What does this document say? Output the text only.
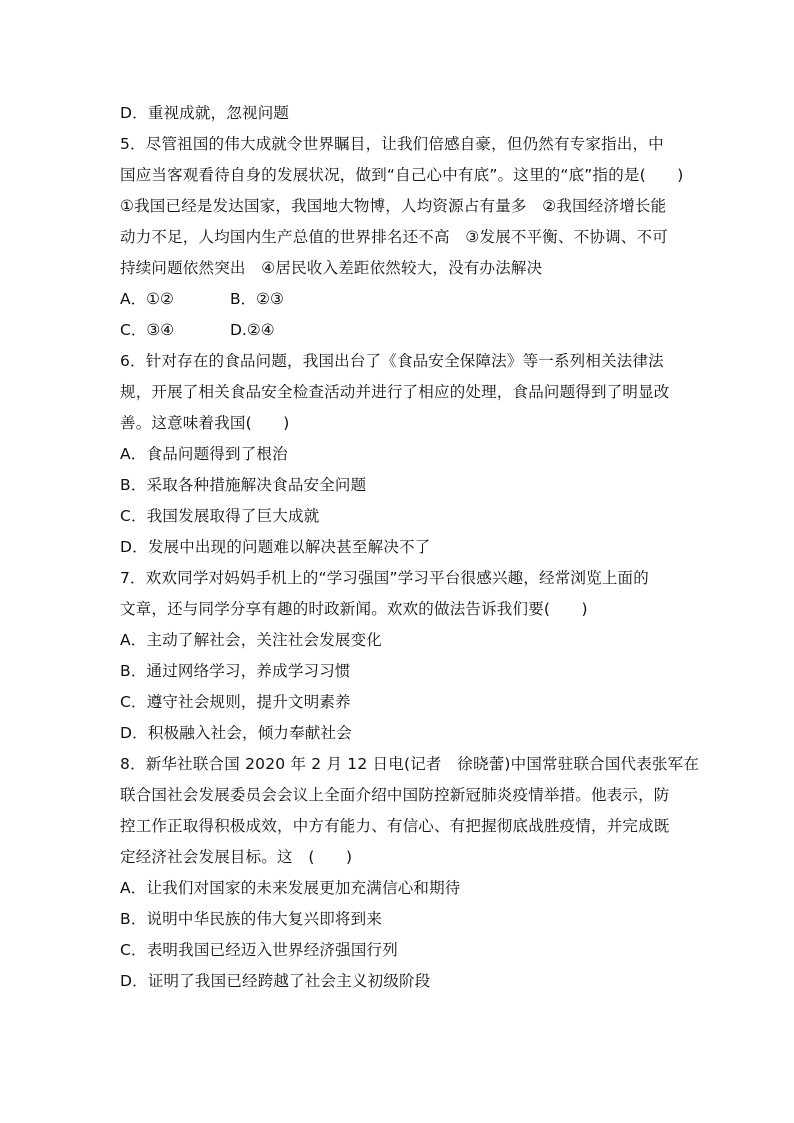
D．重视成就，忽视问题
5．尽管祖国的伟大成就令世界瞩目，让我们倍感自豪，但仍然有专家指出，中
国应当客观看待自身的发展状况，做到“自己心中有底”。这里的“底”指的是(　　)
①我国已经是发达国家，我国地大物博，人均资源占有量多　②我国经济增长能
动力不足，人均国内生产总值的世界排名还不高　③发展不平衡、不协调、不可
持续问题依然突出　④居民收入差距依然较大，没有办法解决
A．①②	B．②③
C．③④	D.②④
6．针对存在的食品问题，我国出台了《食品安全保障法》等一系列相关法律法
规，开展了相关食品安全检查活动并进行了相应的处理，食品问题得到了明显改
善。这意味着我国(　　)
A．食品问题得到了根治
B．采取各种措施解决食品安全问题
C．我国发展取得了巨大成就
D．发展中出现的问题难以解决甚至解决不了
7．欢欢同学对妈妈手机上的“学习强国”学习平台很感兴趣，经常浏览上面的
文章，还与同学分享有趣的时政新闻。欢欢的做法告诉我们要(　　)
A．主动了解社会，关注社会发展变化
B．通过网络学习，养成学习习惯
C．遵守社会规则，提升文明素养
D．积极融入社会，倾力奉献社会
8．新华社联合国 2020 年 2 月 12 日电(记者　徐晓蕾)中国常驻联合国代表张军在
联合国社会发展委员会会议上全面介绍中国防控新冠肺炎疫情举措。他表示，防
控工作正取得积极成效，中方有能力、有信心、有把握彻底战胜疫情，并完成既
定经济社会发展目标。这　(　　)
A．让我们对国家的未来发展更加充满信心和期待
B．说明中华民族的伟大复兴即将到来
C．表明我国已经迈入世界经济强国行列
D．证明了我国已经跨越了社会主义初级阶段
